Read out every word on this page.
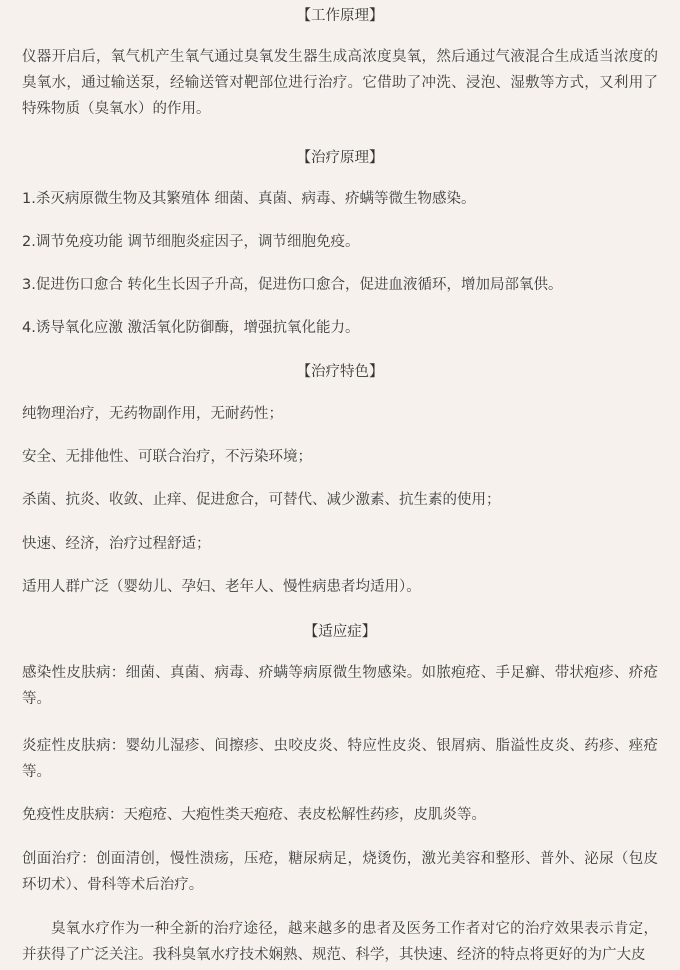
【工作原理】

仪器开启后，氧气机产生氧气通过臭氧发生器生成高浓度臭氧，然后通过气液混合生成适当浓度的臭氧水，通过输送泵，经输送管对靶部位进行治疗。它借助了冲洗、浸泡、湿敷等方式，又利用了特殊物质（臭氧水）的作用。

【治疗原理】

1.杀灭病原微生物及其繁殖体 细菌、真菌、病毒、疥螨等微生物感染。

2.调节免疫功能 调节细胞炎症因子，调节细胞免疫。

3.促进伤口愈合 转化生长因子升高，促进伤口愈合，促进血液循环，增加局部氧供。

4.诱导氧化应激 激活氧化防御酶，增强抗氧化能力。

【治疗特色】

纯物理治疗，无药物副作用，无耐药性；

安全、无排他性、可联合治疗，不污染环境；

杀菌、抗炎、收敛、止痒、促进愈合，可替代、减少激素、抗生素的使用；

快速、经济，治疗过程舒适；

适用人群广泛（婴幼儿、孕妇、老年人、慢性病患者均适用）。

【适应症】

感染性皮肤病：细菌、真菌、病毒、疥螨等病原微生物感染。如脓疱疮、手足癣、带状疱疹、疥疮等。

炎症性皮肤病：婴幼儿湿疹、间擦疹、虫咬皮炎、特应性皮炎、银屑病、脂溢性皮炎、药疹、痤疮等。

免疫性皮肤病：天疱疮、大疱性类天疱疮、表皮松解性药疹，皮肌炎等。

创面治疗：创面清创，慢性溃疡，压疮，糖尿病足，烧烫伤，激光美容和整形、普外、泌尿（包皮环切术）、骨科等术后治疗。

臭氧水疗作为一种全新的治疗途径，越来越多的患者及医务工作者对它的治疗效果表示肯定，并获得了广泛关注。我科臭氧水疗技术娴熟、规范、科学，其快速、经济的特点将更好的为广大皮
